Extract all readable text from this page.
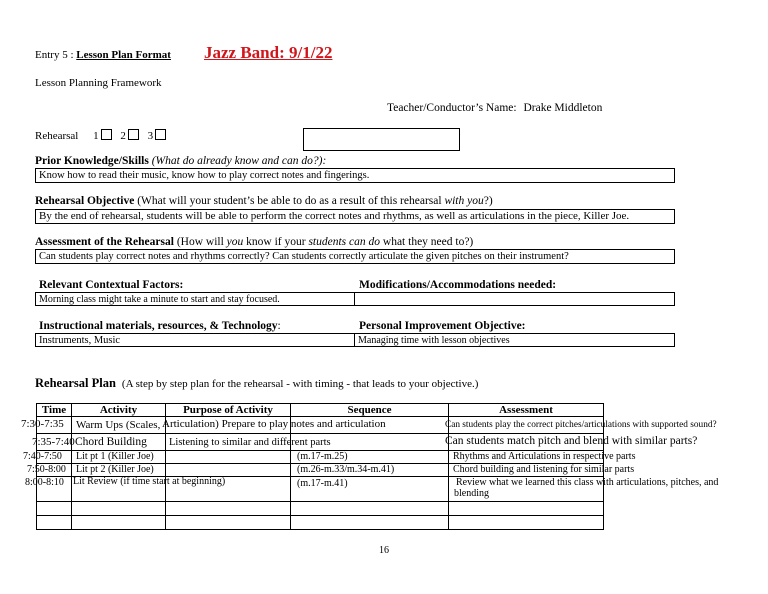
Entry 5 : Lesson Plan Format Jazz Band: 9/1/22
Lesson Planning Framework
Teacher/Conductor’s Name: Drake Middleton
Rehearsal 1 2 3
Prior Knowledge/Skills (What do already know and can do?):
Know how to read their music, know how to play correct notes and fingerings.
Rehearsal Objective (What will your student’s be able to do as a result of this rehearsal with you?)
By the end of rehearsal, students will be able to perform the correct notes and rhythms, as well as articulations in the piece, Killer Joe.
Assessment of the Rehearsal (How will you know if your students can do what they need to?)
Can students play correct notes and rhythms correctly? Can students correctly articulate the given pitches on their instrument?
Relevant Contextual Factors:	Modifications/Accommodations needed:
Morning class might take a minute to start and stay focused.
Instructional materials, resources, & Technology:	Personal Improvement Objective:
Instruments, Music	Managing time with lesson objectives
Rehearsal Plan (A step by step plan for the rehearsal - with timing - that leads to your objective.)
Time	Activity	Purpose of Activity	Sequence	Assessment

7:30-7:35	Warm Ups (Scales,	Articulation) Prepare to play notes and articulation		Can students play the correct pitches/articulations with supported sound?

7:35-7:40	Chord Building	Listening to similar and different parts		Can students match pitch and blend with similar parts?

7:40-7:50	Lit pt 1 (Killer Joe)		(m.17-m.25)	Rhythms and Articulations in respective parts

7:50-8:00	Lit pt 2 (Killer Joe)		(m.26-m.33/m.34-m.41)	Chord building and listening for similar parts

8:00-8:10	Lit Review (if time start at beginning)		(m.17-m.41)	Review what we learned this class with articulations, pitches, and
blending

16
